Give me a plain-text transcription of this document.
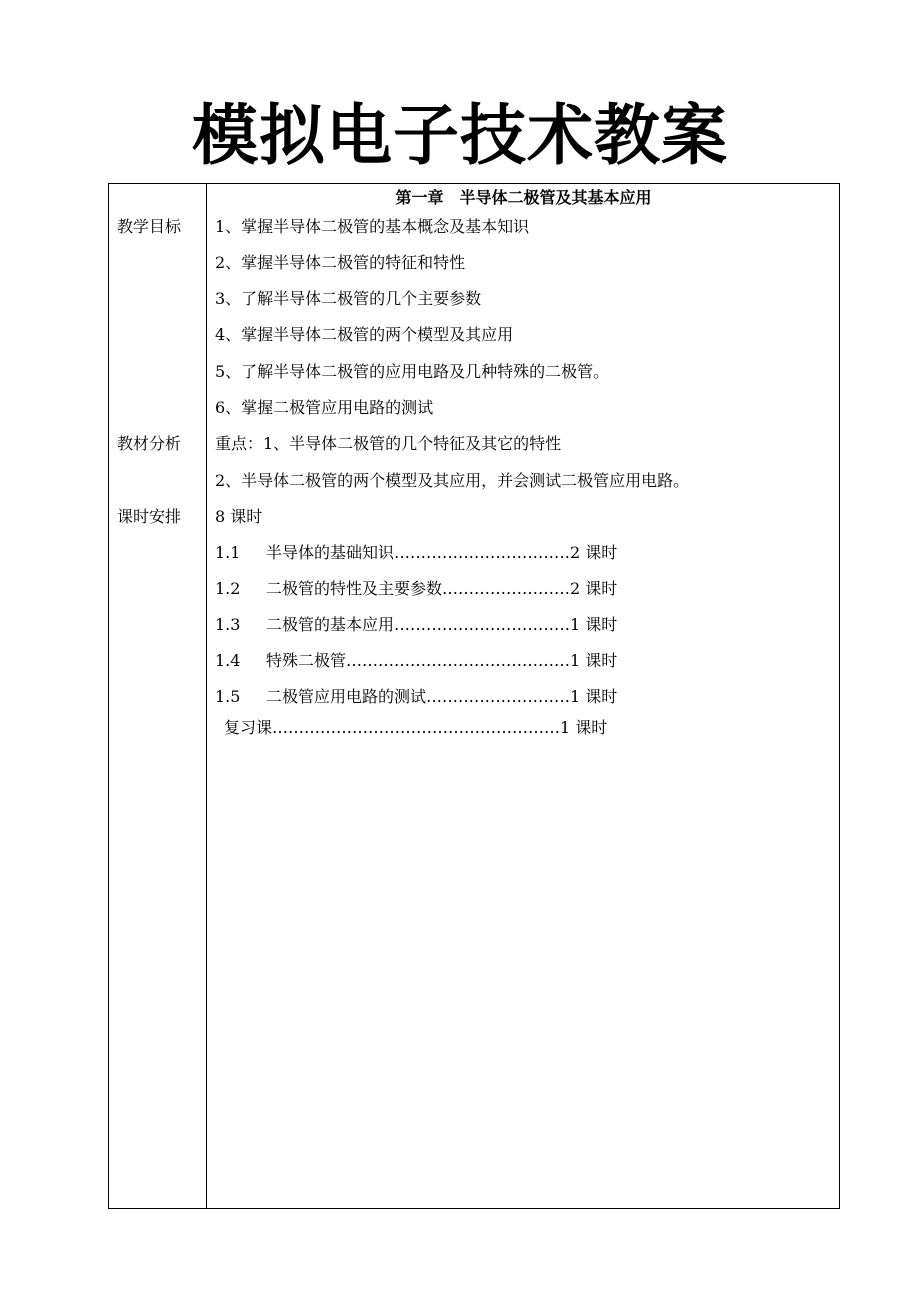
模拟电子技术教案
第一章　半导体二极管及其基本应用
教学目标
教材分析
课时安排
1、掌握半导体二极管的基本概念及基本知识
2、掌握半导体二极管的特征和特性
3、了解半导体二极管的几个主要参数
4、掌握半导体二极管的两个模型及其应用
5、了解半导体二极管的应用电路及几种特殊的二极管。
6、掌握二极管应用电路的测试
重点：1、半导体二极管的几个特征及其它的特性
2、半导体二极管的两个模型及其应用，并会测试二极管应用电路。
8 课时
1.1 半导体的基础知识……………………………2 课时
1.2 二极管的特性及主要参数……………………2 课时
1.3 二极管的基本应用……………………………1 课时
1.4 特殊二极管……………………………………1 课时
1.5 二极管应用电路的测试………………………1 课时
复习课………………………………………………1 课时
